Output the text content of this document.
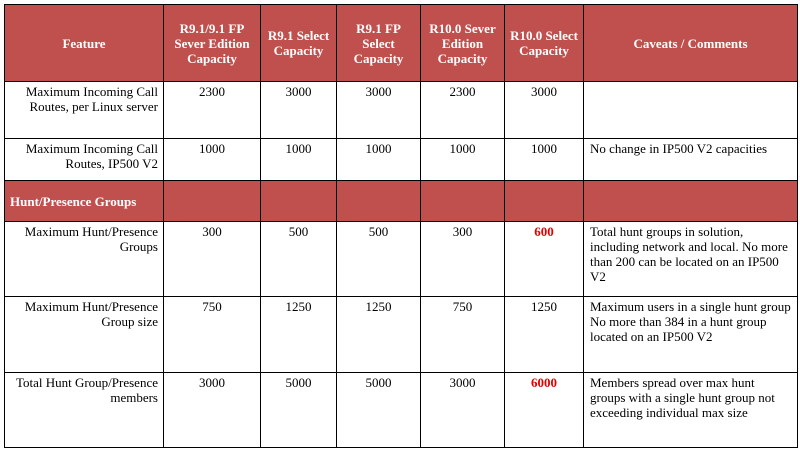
Feature	R9.1/9.1 FP Sever Edition Capacity	R9.1 Select Capacity	R9.1 FP Select Capacity	R10.0 Sever Edition Capacity	R10.0 Select Capacity	Caveats / Comments
Maximum Incoming Call Routes, per Linux server	2300	3000	3000	2300	3000	
Maximum Incoming Call Routes, IP500 V2	1000	1000	1000	1000	1000	No change in IP500 V2 capacities
Hunt/Presence Groups						
Maximum Hunt/Presence Groups	300	500	500	300	600	Total hunt groups in solution, including network and local. No more than 200 can be located on an IP500 V2
Maximum Hunt/Presence Group size	750	1250	1250	750	1250	Maximum users in a single hunt group No more than 384 in a hunt group located on an IP500 V2
Total Hunt Group/Presence members	3000	5000	5000	3000	6000	Members spread over max hunt groups with a single hunt group not exceeding individual max size
